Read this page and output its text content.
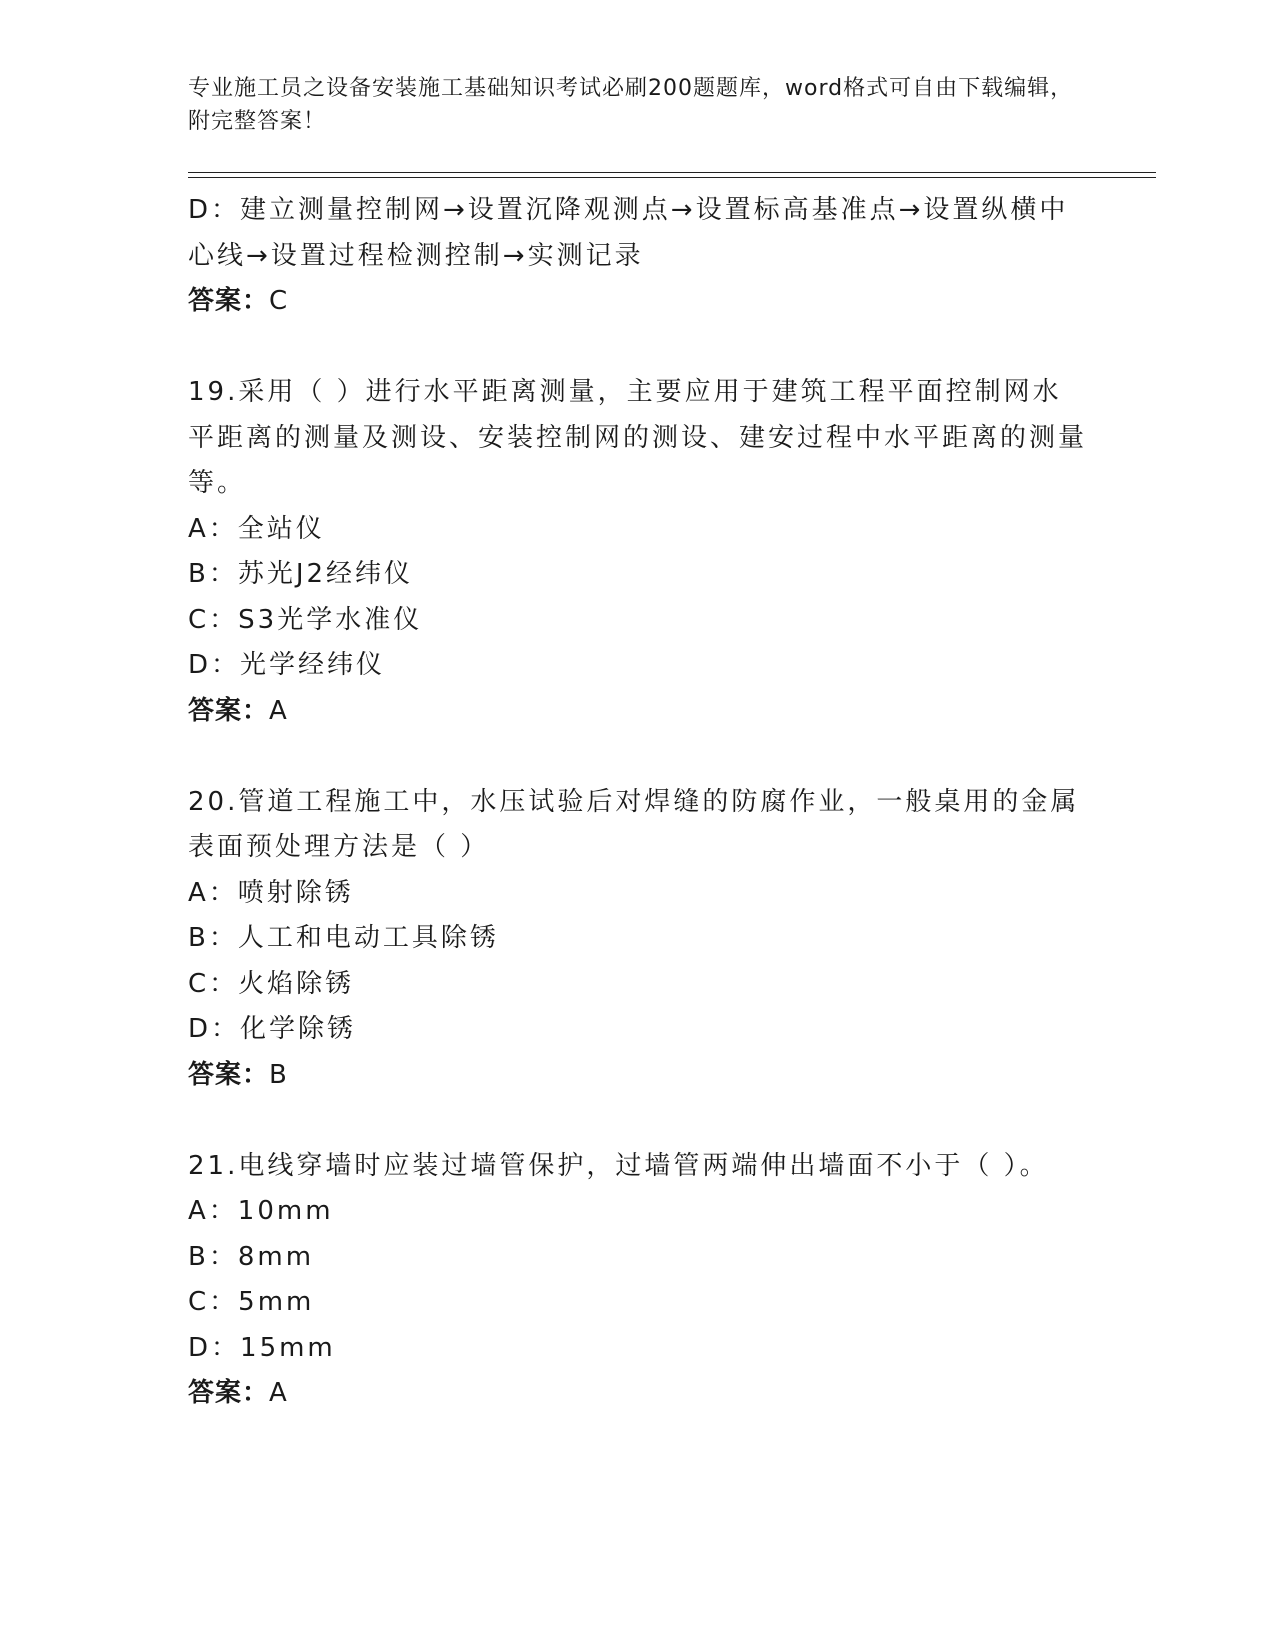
专业施工员之设备安装施工基础知识考试必刷200题题库，word格式可自由下载编辑，附完整答案！

D：建立测量控制网→设置沉降观测点→设置标高基准点→设置纵横中心线→设置过程检测控制→实测记录

答案：C

19.采用（ ）进行水平距离测量，主要应用于建筑工程平面控制网水平距离的测量及测设、安装控制网的测设、建安过程中水平距离的测量等。

A：全站仪

B：苏光J2经纬仪

C：S3光学水准仪

D：光学经纬仪

答案：A

20.管道工程施工中，水压试验后对焊缝的防腐作业，一般桌用的金属表面预处理方法是（ ）

A：喷射除锈

B：人工和电动工具除锈

C：火焰除锈

D：化学除锈

答案：B

21.电线穿墙时应装过墙管保护，过墙管两端伸出墙面不小于（ ）。

A：10mm

B：8mm

C：5mm

D：15mm

答案：A
